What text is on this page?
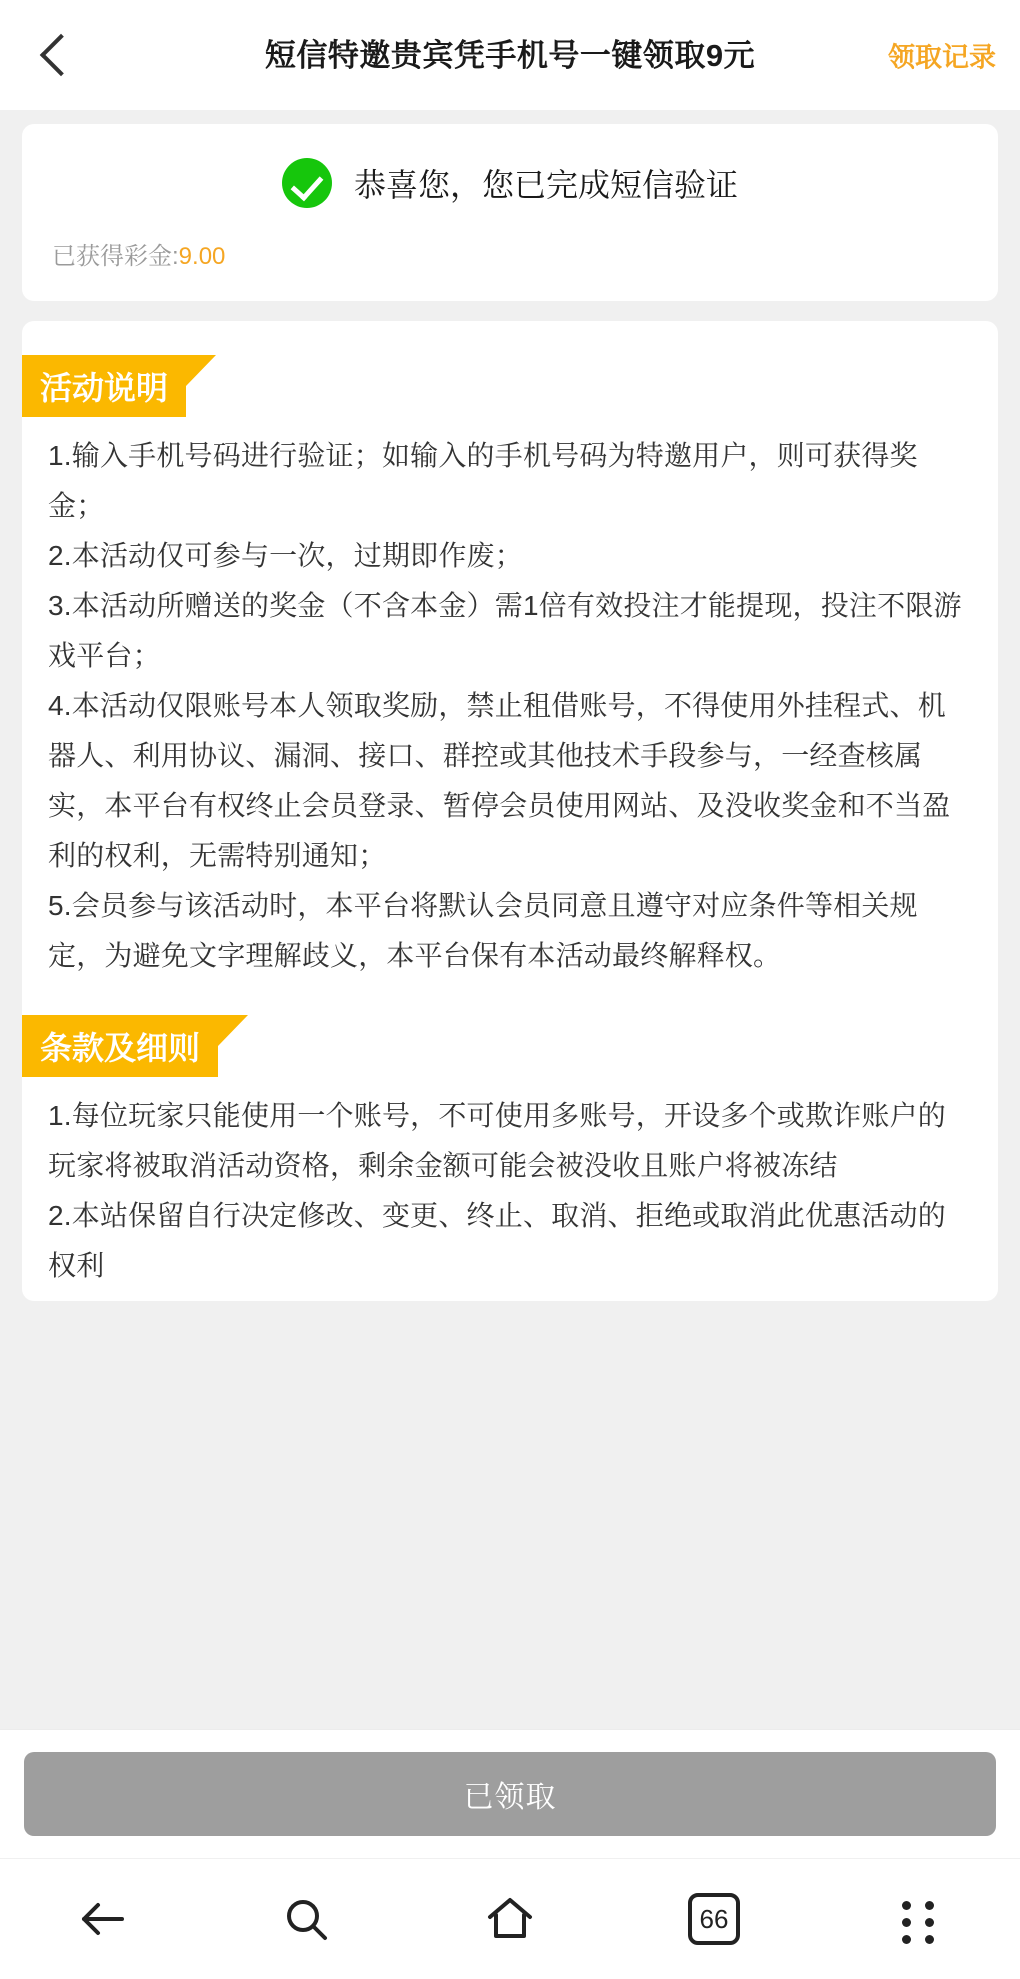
短信特邀贵宾凭手机号一键领取9元	领取记录
恭喜您，您已完成短信验证
已获得彩金:9.00
活动说明

1.输入手机号码进行验证；如输入的手机号码为特邀用户，则可获得奖金；

2.本活动仅可参与一次，过期即作废；

3.本活动所赠送的奖金（不含本金）需1倍有效投注才能提现，投注不限游戏平台；

4.本活动仅限账号本人领取奖励，禁止租借账号，不得使用外挂程式、机器人、利用协议、漏洞、接口、群控或其他技术手段参与，一经查核属实，本平台有权终止会员登录、暂停会员使用网站、及没收奖金和不当盈利的权利，无需特别通知；

5.会员参与该活动时，本平台将默认会员同意且遵守对应条件等相关规定，为避免文字理解歧义，本平台保有本活动最终解释权。

条款及细则

1.每位玩家只能使用一个账号，不可使用多账号，开设多个或欺诈账户的玩家将被取消活动资格，剩余金额可能会被没收且账户将被冻结

2.本站保留自行决定修改、变更、终止、取消、拒绝或取消此优惠活动的权利

已领取
66
